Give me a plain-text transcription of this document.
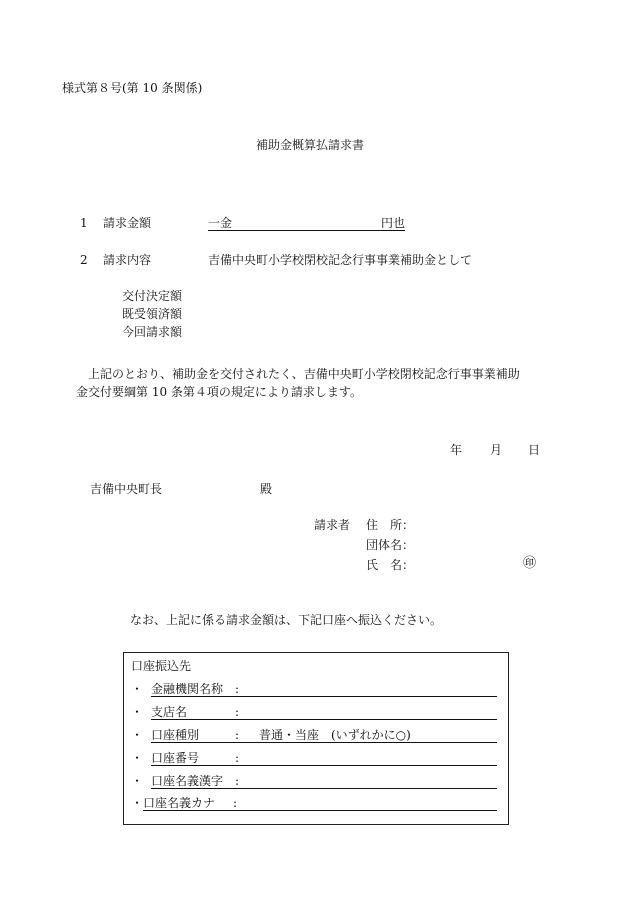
様式第８号(第 10 条関係)
補助金概算払請求書
1 請求金額	一金	円也
2 請求内容	吉備中央町小学校閉校記念行事事業補助金として
交付決定額
既受領済額
今回請求額
上記のとおり、補助金を交付されたく、吉備中央町小学校閉校記念行事事業補助
金交付要綱第 10 条第４項の規定により請求します。
年 月 日
吉備中央町長	殿
請求者 住　所：
団体名：
氏　名：	㊞
なお、上記に係る請求金額は、下記口座へ振込ください。
口座振込先
・ 金融機関名称 :
・ 支店名	:
・ 口座種別	: 普通・当座　(いずれかに○)
・ 口座番号	:
・ 口座名義漢字 :
・ 口座名義カナ :
